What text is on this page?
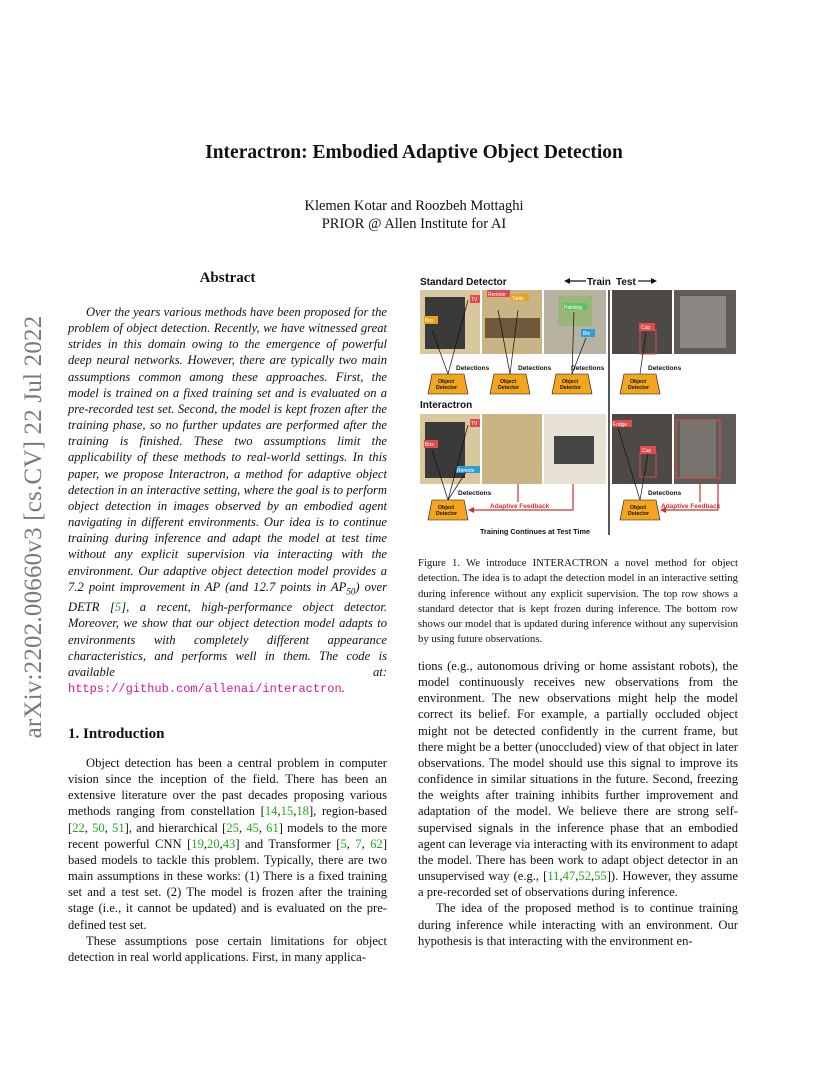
arXiv:2202.00660v3 [cs.CV] 22 Jul 2022
Interactron: Embodied Adaptive Object Detection
Klemen Kotar and Roozbeh Mottaghi
PRIOR @ Allen Institute for AI
Abstract

Over the years various methods have been proposed for the problem of object detection. Recently, we have witnessed great strides in this domain owing to the emergence of powerful deep neural networks. However, there are typically two main assumptions common among these approaches. First, the model is trained on a fixed training set and is evaluated on a pre-recorded test set. Second, the model is kept frozen after the training phase, so no further updates are performed after the training is finished. These two assumptions limit the applicability of these methods to real-world settings. In this paper, we propose Interactron, a method for adaptive object detection in an interactive setting, where the goal is to perform object detection in images observed by an embodied agent navigating in different environments. Our idea is to continue training during inference and adapt the model at test time without any explicit supervision via interacting with the environment. Our adaptive object detection model provides a 7.2 point improvement in AP (and 12.7 points in $AP_{50}$) over DETR [5], a recent, high-performance object detector. Moreover, we show that our object detection model adapts to environments with completely different appearance characteristics, and performs well in them. The code is available at: https://github.com/allenai/interactron.

1. Introduction

Object detection has been a central problem in computer vision since the inception of the field. There has been an extensive literature over the past decades proposing various methods ranging from constellation [14,15,18], region-based [22, 50, 51], and hierarchical [25, 45, 61] models to the more recent powerful CNN [19,20,43] and Transformer [5, 7, 62] based models to tackle this problem. Typically, there are two main assumptions in these works: (1) There is a fixed training set and a test set. (2) The model is frozen after the training stage (i.e., it cannot be updated) and is evaluated on the pre-defined test set.

These assumptions pose certain limitations for object detection in real world applications. First, in many applica-

Standard Detector	Train Test
TV
Remote
Table
Box
Painting
Bin
Cup
Detections	Detections	Detections	Detections
Object
Detector
Object
Detector
Object
Detector
Object
Detector
Interactron
TV
Box
Remote
Fridge
Cup
Detections	Detections
Object
Detector
Object
Detector
Adaptive Feedback	Adaptive Feedback
Training Continues at Test Time
Figure 1. We introduce INTERACTRON a novel method for object detection. The idea is to adapt the detection model in an interactive setting during inference without any explicit supervision. The top row shows a standard detector that is kept frozen during inference. The bottom row shows our model that is updated during inference without any supervision by using future observations.

tions (e.g., autonomous driving or home assistant robots), the model continuously receives new observations from the environment. The new observations might help the model correct its belief. For example, a partially occluded object might not be detected confidently in the current frame, but there might be a better (unoccluded) view of that object in later observations. The model should use this signal to improve its confidence in similar situations in the future. Second, freezing the weights after training inhibits further improvement and adaptation of the model. We believe there are strong self-supervised signals in the inference phase that an embodied agent can leverage via interacting with its environment to adapt the model. There has been work to adapt object detector in an unsupervised way (e.g., [11,47,52,55]). However, they assume a pre-recorded set of observations during inference.

The idea of the proposed method is to continue training during inference while interacting with an environment. Our hypothesis is that interacting with the environment en-
